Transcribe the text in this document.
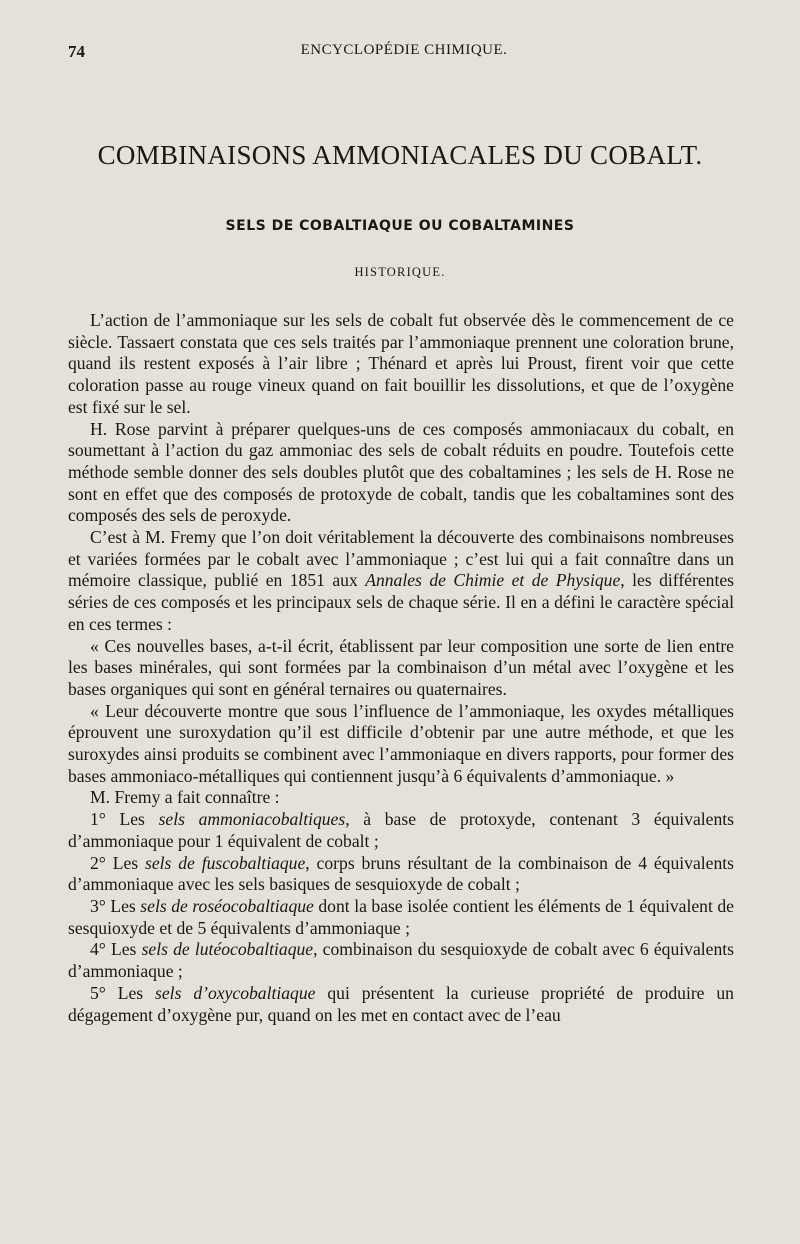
74	ENCYCLOPÉDIE CHIMIQUE.
COMBINAISONS AMMONIACALES DU COBALT.
SELS DE COBALTIAQUE OU COBALTAMINES
HISTORIQUE.

L’action de l’ammoniaque sur les sels de cobalt fut observée dès le commencement de ce siècle. Tassaert constata que ces sels traités par l’ammoniaque prennent une coloration brune, quand ils restent exposés à l’air libre ; Thénard et après lui Proust, firent voir que cette coloration passe au rouge vineux quand on fait bouillir les dissolutions, et que de l’oxygène est fixé sur le sel.

H. Rose parvint à préparer quelques-uns de ces composés ammoniacaux du cobalt, en soumettant à l’action du gaz ammoniac des sels de cobalt réduits en poudre. Toutefois cette méthode semble donner des sels doubles plutôt que des cobaltamines ; les sels de H. Rose ne sont en effet que des composés de protoxyde de cobalt, tandis que les cobaltamines sont des composés des sels de peroxyde.

C’est à M. Fremy que l’on doit véritablement la découverte des combinaisons nombreuses et variées formées par le cobalt avec l’ammoniaque ; c’est lui qui a fait connaître dans un mémoire classique, publié en 1851 aux Annales de Chimie et de Physique, les différentes séries de ces composés et les principaux sels de chaque série. Il en a défini le caractère spécial en ces termes :

« Ces nouvelles bases, a-t-il écrit, établissent par leur composition une sorte de lien entre les bases minérales, qui sont formées par la combinaison d’un métal avec l’oxygène et les bases organiques qui sont en général ternaires ou quaternaires.

« Leur découverte montre que sous l’influence de l’ammoniaque, les oxydes métalliques éprouvent une suroxydation qu’il est difficile d’obtenir par une autre méthode, et que les suroxydes ainsi produits se combinent avec l’ammoniaque en divers rapports, pour former des bases ammoniaco-métalliques qui contiennent jusqu’à 6 équivalents d’ammoniaque. »

M. Fremy a fait connaître :

1° Les sels ammoniacobaltiques, à base de protoxyde, contenant 3 équivalents d’ammoniaque pour 1 équivalent de cobalt ;

2° Les sels de fuscobaltiaque, corps bruns résultant de la combinaison de 4 équivalents d’ammoniaque avec les sels basiques de sesquioxyde de cobalt ;

3° Les sels de roséocobaltiaque dont la base isolée contient les éléments de 1 équivalent de sesquioxyde et de 5 équivalents d’ammoniaque ;

4° Les sels de lutéocobaltiaque, combinaison du sesquioxyde de cobalt avec 6 équivalents d’ammoniaque ;

5° Les sels d’oxycobaltiaque qui présentent la curieuse propriété de produire un dégagement d’oxygène pur, quand on les met en contact avec de l’eau
